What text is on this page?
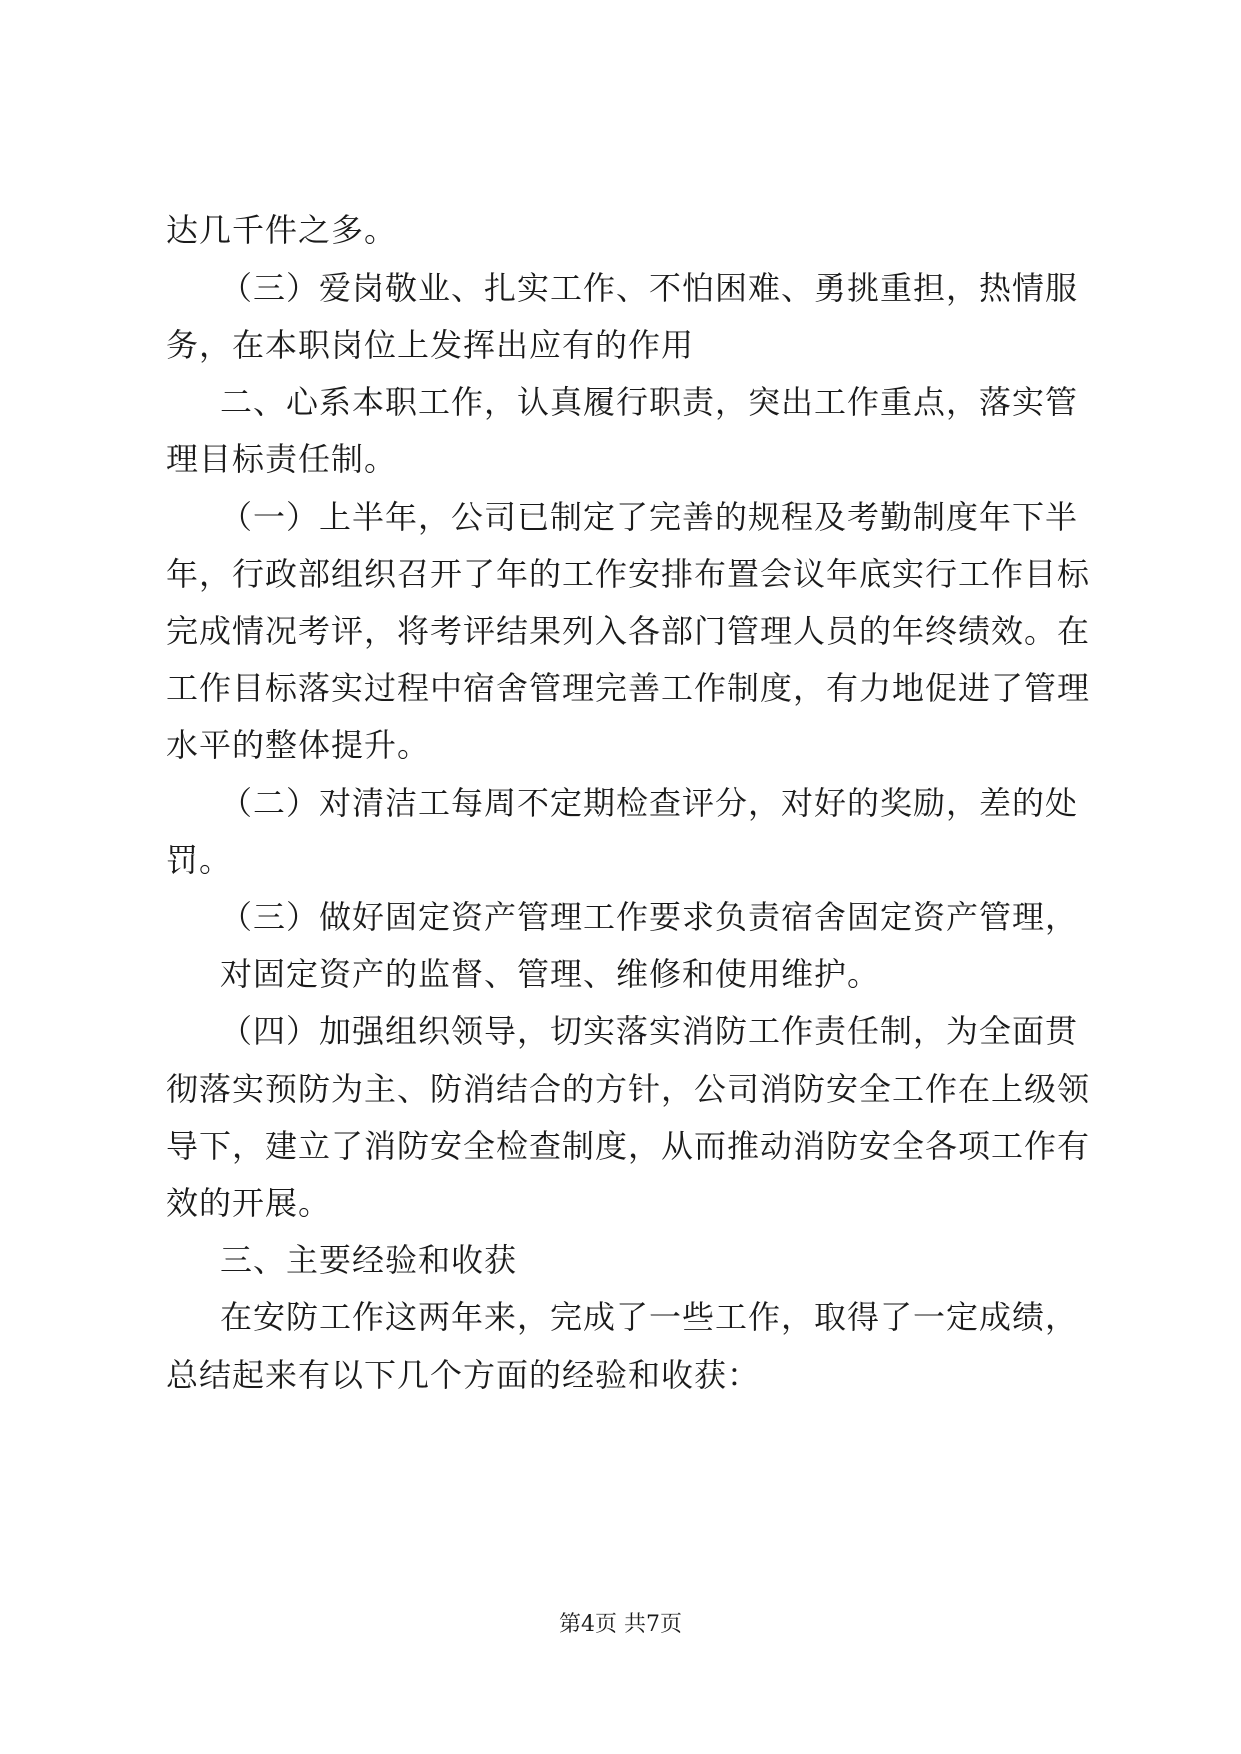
达几千件之多。
（三）爱岗敬业、扎实工作、不怕困难、勇挑重担，热情服
务，在本职岗位上发挥出应有的作用
二、心系本职工作，认真履行职责，突出工作重点，落实管
理目标责任制。
（一）上半年，公司已制定了完善的规程及考勤制度年下半
年，行政部组织召开了年的工作安排布置会议年底实行工作目标
完成情况考评，将考评结果列入各部门管理人员的年终绩效。在
工作目标落实过程中宿舍管理完善工作制度，有力地促进了管理
水平的整体提升。
（二）对清洁工每周不定期检查评分，对好的奖励，差的处
罚。
（三）做好固定资产管理工作要求负责宿舍固定资产管理，
对固定资产的监督、管理、维修和使用维护。
（四）加强组织领导，切实落实消防工作责任制，为全面贯
彻落实预防为主、防消结合的方针，公司消防安全工作在上级领
导下，建立了消防安全检查制度，从而推动消防安全各项工作有
效的开展。
三、主要经验和收获
在安防工作这两年来，完成了一些工作，取得了一定成绩，
总结起来有以下几个方面的经验和收获：
第4页 共7页
